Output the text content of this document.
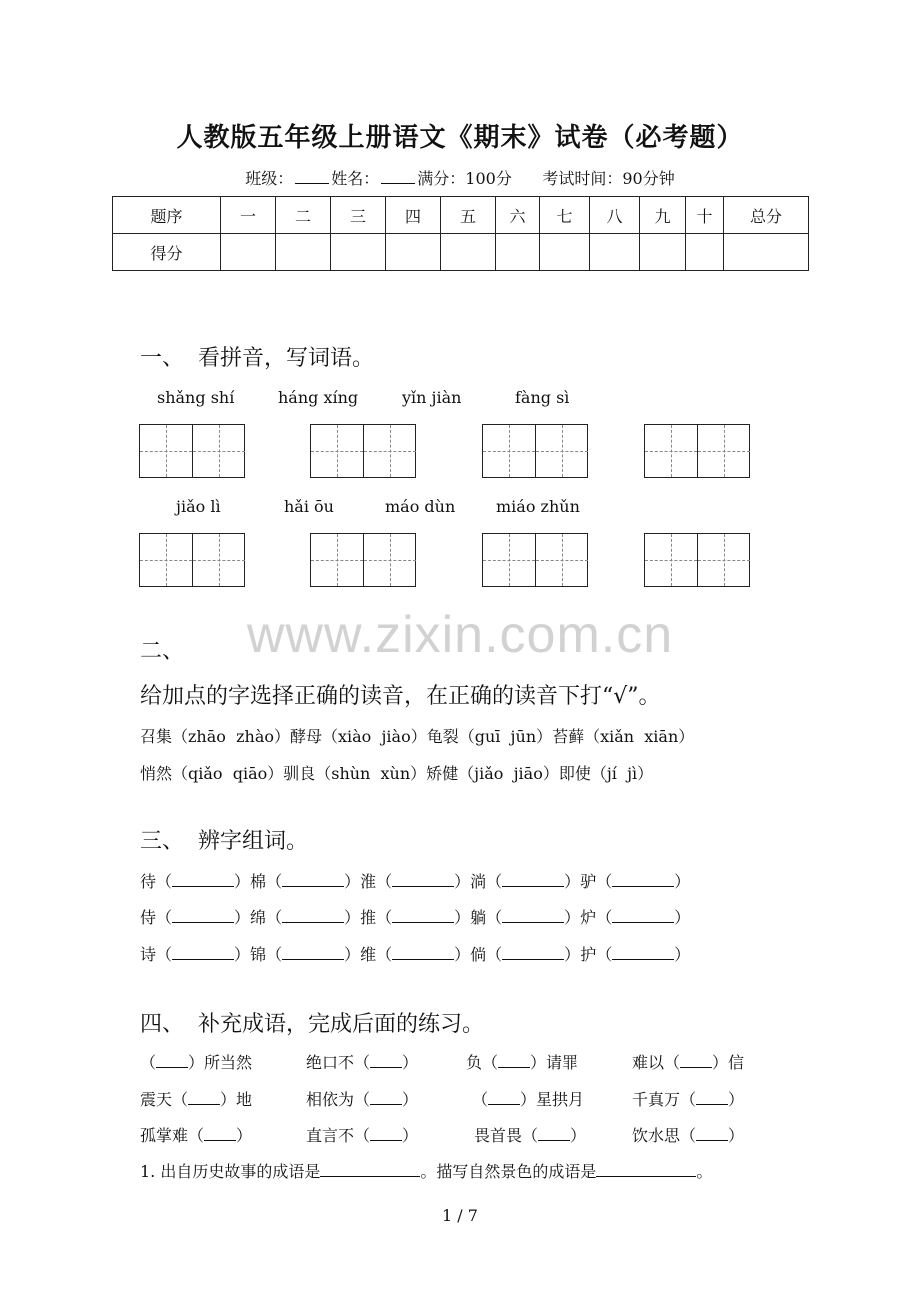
人教版五年级上册语文《期末》试卷（必考题）
班级： 姓名： 满分：100分 考试时间：90分钟
题序	一	二	三	四	五	六	七	八	九	十	总分
得分											
一、  看拼音，写词语。
shǎng shí	háng xíng	yǐn jiàn	fàng sì
jiǎo lì	hǎi ōu	máo dùn	miáo zhǔn
www.zixin.com.cn
二、
给加点的字选择正确的读音，在正确的读音下打“√”。
召集（zhāo  zhào）酵母（xiào  jiào）龟裂（guī  jūn）苔藓（xiǎn  xiān）
悄然（qiǎo  qiāo）驯良（shùn  xùn）矫健（jiǎo  jiāo）即使（jí  jì）
三、  辨字组词。
待（	）棉（	）淮（	）淌（	）驴（	）
侍（	）绵（	）推（	）躺（	）炉（	）
诗（	）锦（	）维（	）倘（	）护（	）
四、  补充成语，完成后面的练习。
（ ）所当然	绝口不（ ）	负（ ）请罪	难以（ ）信
震天（ ）地	相依为（ ）	（ ）星拱月	千真万（ ）
孤掌难（ ）	直言不（ ）	畏首畏（ ）	饮水思（ ）
1. 出自历史故事的成语是	。描写自然景色的成语是	。
1 / 7
